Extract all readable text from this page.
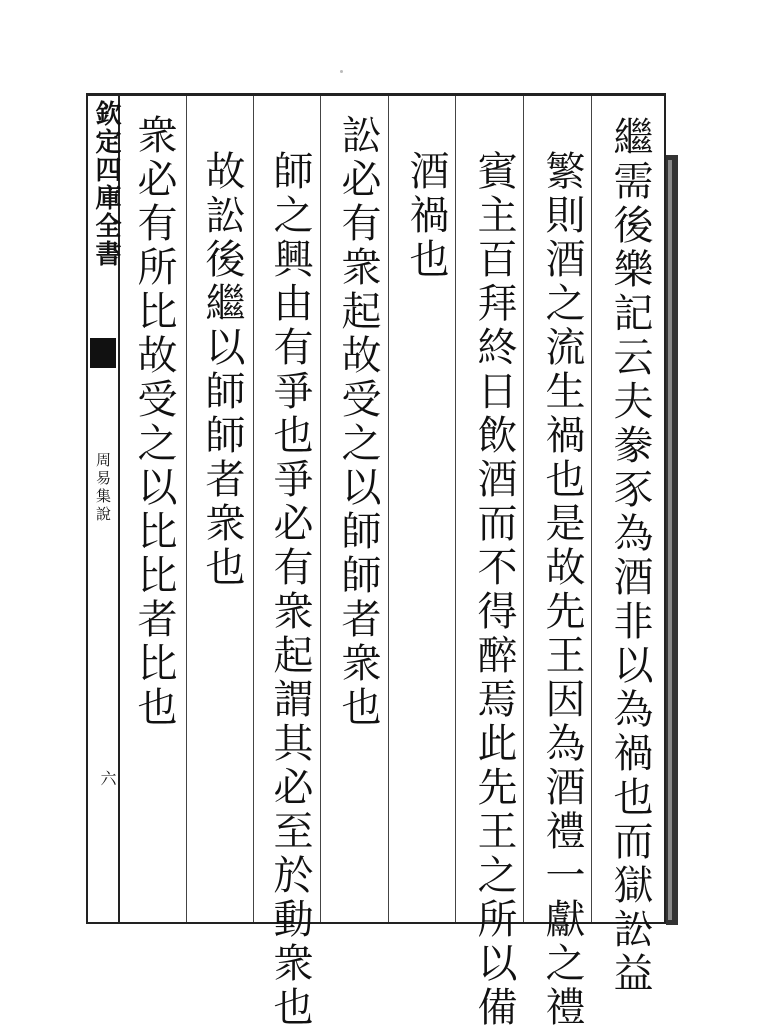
欽定四庫全書
周易集說
六	繼需後樂記云夫豢豕為酒非以為禍也而獄訟益
繁則酒之流生禍也是故先王因為酒禮一獻之禮
賓主百拜終日飲酒而不得醉焉此先王之所以備
酒禍也
訟必有衆起故受之以師師者衆也
師之興由有爭也爭必有衆起謂其必至於動衆也
故訟後繼以師師者衆也
衆必有所比故受之以比比者比也
